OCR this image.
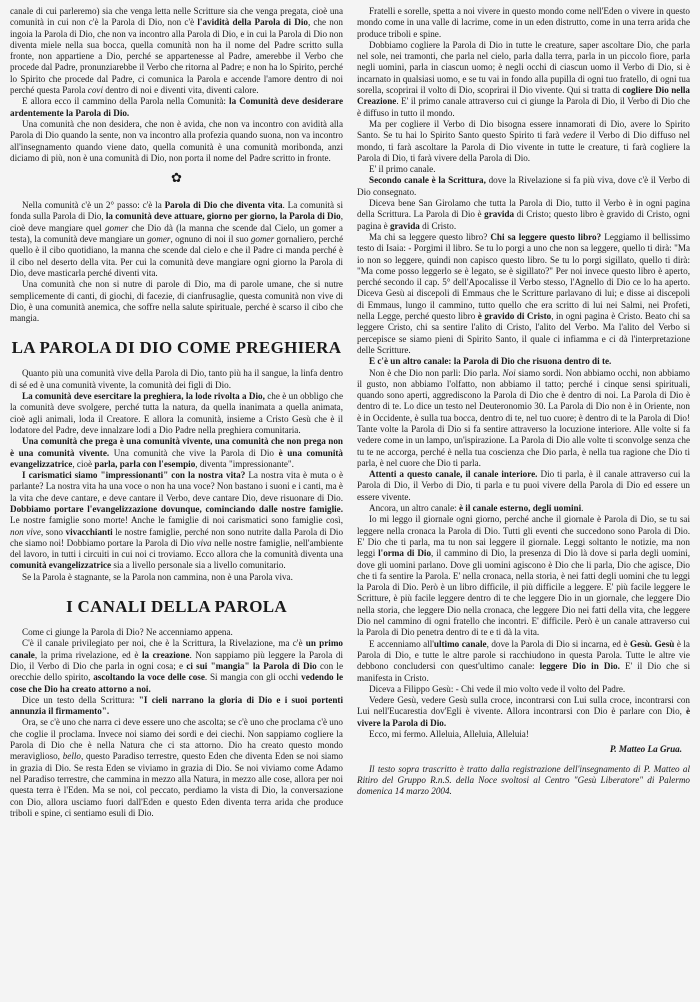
canale di cui parleremo) sia che venga letta nelle Scritture sia che venga pregata, cioè una comunità in cui non c'è la Parola di Dio, non c'è l'avidità della Parola di Dio, che non ingoia la Parola di Dio, che non va incontro alla Parola di Dio, e in cui la Parola di Dio non diventa miele nella sua bocca, quella comunità non ha il nome del Padre scritto sulla fronte, non appartiene a Dio, perché se appartenesse al Padre, amerebbe il Verbo che procede dal Padre, pronunziarebbe il Verbo che ritorna al Padre; e non ha lo Spirito, perché lo Spirito che procede dal Padre, ci comunica la Parola e accende l'amore dentro di noi perché questa Parola covi dentro di noi e diventi vita, diventi calore.

E allora ecco il cammino della Parola nella Comunità: la Comunità deve desiderare ardentemente la Parola di Dio.

Una comunità che non desidera, che non è avida, che non va incontro con avidità alla Parola di Dio quando la sente, non va incontro alla profezia quando suona, non va incontro all'insegnamento quando viene dato, quella comunità è una comunità moribonda, anzi diciamo di più, non è una comunità di Dio, non porta il nome del Padre scritto in fronte.

✿

Nella comunità c'è un 2° passo: c'è la Parola di Dio che diventa vita. La comunità si fonda sulla Parola di Dio, la comunità deve attuare, giorno per giorno, la Parola di Dio, cioè deve mangiare quel gomer che Dio dà (la manna che scende dal Cielo, un gomer a testa), la comunità deve mangiare un gomer, ognuno di noi il suo gomer gornaliero, perché quello è il cibo quotidiano, la manna che scende dal cielo e che il Padre ci manda perché è il cibo nel deserto della vita. Per cui la comunità deve mangiare ogni giorno la Parola di Dio, deve masticarla perché diventi vita.

Una comunità che non si nutre di parole di Dio, ma di parole umane, che si nutre semplicemente di canti, di giochi, di facezie, di cianfrusaglie, questa comunità non vive di Dio, è una comunità anemica, che soffre nella salute spirituale, perché è scarso il cibo che mangia.

LA PAROLA DI DIO COME PREGHIERA

Quanto più una comunità vive della Parola di Dio, tanto più ha il sangue, la linfa dentro di sé ed è una comunità vivente, la comunità dei figli di Dio.

La comunità deve esercitare la preghiera, la lode rivolta a Dio, che è un obbligo che la comunità deve svolgere, perché tutta la natura, da quella inanimata a quella animata, cioè agli animali, loda il Creatore. E allora la comunità, insieme a Cristo Gesù che è il lodatore del Padre, deve innalzare lodi a Dio Padre nella preghiera comunitaria.

Una comunità che prega è una comunità vivente, una comunità che non prega non è una comunità vivente. Una comunità che vive la Parola di Dio è una comunità evangelizzatrice, cioè parla, parla con l'esempio, diventa "impressionante".

I carismatici siamo "impressionanti" con la nostra vita? La nostra vita è muta o è parlante? La nostra vita ha una voce o non ha una voce? Non bastano i suoni e i canti, ma è la vita che deve cantare, e deve cantare il Verbo, deve cantare Dio, deve risuonare di Dio. Dobbiamo portare l'evangelizzazione dovunque, cominciando dalle nostre famiglie. Le nostre famiglie sono morte! Anche le famiglie di noi carismatici sono famiglie così, non vive, sono vivacchianti le nostre famiglie, perché non sono nutrite dalla Parola di Dio che siamo noi! Dobbiamo portare la Parola di Dio viva nelle nostre famiglie, nell'ambiente del lavoro, in tutti i circuiti in cui noi ci troviamo. Ecco allora che la comunità diventa una comunità evangelizzatrice sia a livello personale sia a livello comunitario.

Se la Parola è stagnante, se la Parola non cammina, non è una Parola viva.

I CANALI DELLA PAROLA

Come ci giunge la Parola di Dio? Ne accenniamo appena.

C'è il canale privilegiato per noi, che è la Scrittura, la Rivelazione, ma c'è un primo canale, la prima rivelazione, ed è la creazione. Non sappiamo più leggere la Parola di Dio, il Verbo di Dio che parla in ogni cosa; e ci sui "mangia" la Parola di Dio con le orecchie dello spirito, ascoltando la voce delle cose. Si mangia con gli occhi vedendo le cose che Dio ha creato attorno a noi.

Dice un testo della Scrittura: "I cieli narrano la gloria di Dio e i suoi portenti annunzia il firmamento".

Ora, se c'è uno che narra ci deve essere uno che ascolta; se c'è uno che proclama c'è uno che coglie il proclama. Invece noi siamo dei sordi e dei ciechi. Non sappiamo cogliere la Parola di Dio che è nella Natura che ci sta attorno. Dio ha creato questo mondo meraviglioso, bello, questo Paradiso terrestre, questo Eden che diventa Eden se noi siamo in grazia di Dio. Se resta Eden se viviamo in grazia di Dio. Se noi viviamo come Adamo nel Paradiso terrestre, che cammina in mezzo alla Natura, in mezzo alle cose, allora per noi questa terra è l'Eden. Ma se noi, col peccato, perdiamo la vista di Dio, la conversazione con Dio, allora usciamo fuori dall'Eden e questo Eden diventa terra arida che produce triboli e spine, ci sentiamo esuli di Dio.

Fratelli e sorelle, spetta a noi vivere in questo mondo come nell'Eden o vivere in questo mondo come in una valle di lacrime, come in un eden distrutto, come in una terra arida che produce triboli e spine.

Dobbiamo cogliere la Parola di Dio in tutte le creature, saper ascoltare Dio, che parla nel sole, nei tramonti, che parla nel cielo, parla dalla terra, parla in un piccolo fiore, parla negli uomini, parla in ciascun uomo; è negli occhi di ciascun uomo il Verbo di Dio, si è incarnato in qualsiasi uomo, e se tu vai in fondo alla pupilla di ogni tuo fratello, di ogni tua sorella, scoprirai il volto di Dio, scoprirai il Dio vivente. Qui si tratta di cogliere Dio nella Creazione. E' il primo canale attraverso cui ci giunge la Parola di Dio, il Verbo di Dio che è diffuso in tutto il mondo.

Ma per cogliere il Verbo di Dio bisogna essere innamorati di Dio, avere lo Spirito Santo. Se tu hai lo Spirito Santo questo Spirito ti farà vedere il Verbo di Dio diffuso nel mondo, ti farà ascoltare la Parola di Dio vivente in tutte le creature, ti farà cogliere la Parola di Dio, ti farà vivere della Parola di Dio.

E' il primo canale.

Secondo canale è la Scrittura, dove la Rivelazione si fa più viva, dove c'è il Verbo di Dio consegnato.

Diceva bene San Girolamo che tutta la Parola di Dio, tutto il Verbo è in ogni pagina della Scrittura. La Parola di Dio è gravida di Cristo; questo libro è gravido di Cristo, ogni pagina è gravida di Cristo.

Ma chi sa leggere questo libro? Chi sa leggere questo libro? Leggiamo il bellissimo testo di Isaia: - Porgimi il libro. Se tu lo porgi a uno che non sa leggere, quello ti dirà: "Ma io non so leggere, quindi non capisco questo libro. Se tu lo porgi sigillato, quello ti dirà: "Ma come posso leggerlo se è legato, se è sigillato?" Per noi invece questo libro è aperto, perché secondo il cap. 5° dell'Apocalisse il Verbo stesso, l'Agnello di Dio ce lo ha aperto. Diceva Gesù ai discepoli di Emmaus che le Scritture parlavano di lui; e disse ai discepoli di Emmaus, lungo il cammino, tutto quello che era scritto di lui nei Salmi, nei Profeti, nella Legge, perché questo libro è gravido di Cristo, in ogni pagina è Cristo. Beato chi sa leggere Cristo, chi sa sentire l'alito di Cristo, l'alito del Verbo. Ma l'alito del Verbo si percepisce se siamo pieni di Spirito Santo, il quale ci infiamma e ci dà l'interpretazione delle Scritture.

E c'è un altro canale: la Parola di Dio che risuona dentro di te.

Non è che Dio non parli: Dio parla. Noi siamo sordi. Non abbiamo occhi, non abbiamo il gusto, non abbiamo l'olfatto, non abbiamo il tatto; perché i cinque sensi spirituali, quando sono aperti, aggrediscono la Parola di Dio che è dentro di noi. La Parola di Dio è dentro di te. Lo dice un testo nel Deuteronomio 30. La Parola di Dio non è in Oriente, non è in Occidente, è sulla tua bocca, dentro di te, nel tuo cuore; è dentro di te la Parola di Dio! Tante volte la Parola di Dio si fa sentire attraverso la locuzione interiore. Alle volte si fa vedere come in un lampo, un'ispirazione. La Parola di Dio alle volte ti sconvolge senza che tu te ne accorga, perché è nella tua coscienza che Dio parla, è nella tua ragione che Dio ti parla, è nel cuore che Dio ti parla.

Attenti a questo canale, il canale interiore. Dio ti parla, è il canale attraverso cui la Parola di Dio, il Verbo di Dio, ti parla e tu puoi vivere della Parola di Dio ed essere un essere vivente.

Ancora, un altro canale: è il canale esterno, degli uomini.

Io mi leggo il giornale ogni giorno, perché anche il giornale è Parola di Dio, se tu sai leggere nella cronaca la Parola di Dio. Tutti gli eventi che succedono sono Parola di Dio. E' Dio che ti parla, ma tu non sai leggere il giornale. Leggi soltanto le notizie, ma non leggi l'orma di Dio, il cammino di Dio, la presenza di Dio là dove si parla degli uomini, dove gli uomini parlano. Dove gli uomini agiscono è Dio che li parla, Dio che agisce, Dio che ti fa sentire la Parola. E' nella cronaca, nella storia, è nei fatti degli uomini che tu leggi la Parola di Dio. Però è un libro difficile, il più difficile a leggere. E' più facile leggere le Scritture, è più facile leggere dentro di te che leggere Dio in un giornale, che leggere Dio nella storia, che leggere Dio nella cronaca, che leggere Dio nei fatti della vita, che leggere Dio nel cammino di ogni fratello che incontri. E' difficile. Però è un canale attraverso cui la Parola di Dio penetra dentro di te e ti dà la vita.

E accenniamo all'ultimo canale, dove la Parola di Dio si incarna, ed è Gesù. Gesù è la Parola di Dio, e tutte le altre parole si racchiudono in questa Parola. Tutte le altre vie debbono concludersi con quest'ultimo canale: leggere Dio in Dio. E' il Dio che si manifesta in Cristo.

Diceva a Filippo Gesù: - Chi vede il mio volto vede il volto del Padre.

Vedere Gesù, vedere Gesù sulla croce, incontrarsi con Lui sulla croce, incontrarsi con Lui nell'Eucarestia dov'Egli è vivente. Allora incontrarsi con Dio è parlare con Dio, è vivere la Parola di Dio.

Ecco, mi fermo. Alleluia, Alleluia, Alleluia!

P. Matteo La Grua.

Il testo sopra trascritto è tratto dalla registrazione dell'insegnamento di P. Matteo al Ritiro del Gruppo R.n.S. della Noce svoltosi al Centro "Gesù Liberatore" di Palermo domenica 14 marzo 2004.
